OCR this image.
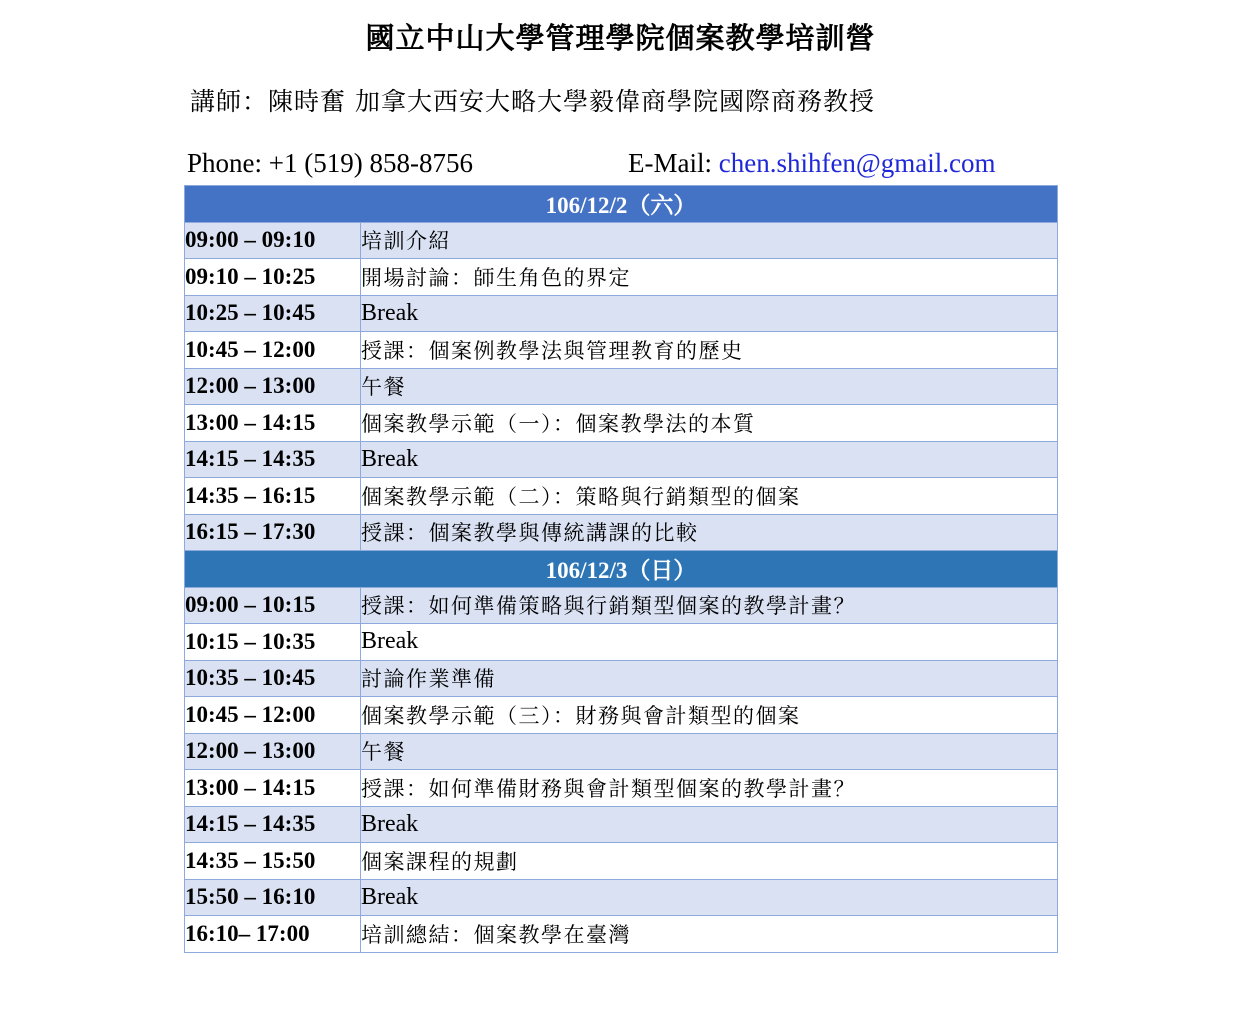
國立中山大學管理學院個案教學培訓營
講師：陳時奮 加拿大西安大略大學毅偉商學院國際商務教授
Phone: +1 (519) 858-8756	E-Mail: chen.shihfen@gmail.com
106/12/2（六）	
09:00 – 09:10	培訓介紹
09:10 – 10:25	開場討論：師生角色的界定
10:25 – 10:45	Break
10:45 – 12:00	授課：個案例教學法與管理教育的歷史
12:00 – 13:00	午餐
13:00 – 14:15	個案教學示範（一）：個案教學法的本質
14:15 – 14:35	Break
14:35 – 16:15	個案教學示範（二）：策略與行銷類型的個案
16:15 – 17:30	授課：個案教學與傳統講課的比較
106/12/3（日）	
09:00 – 10:15	授課：如何準備策略與行銷類型個案的教學計畫？
10:15 – 10:35	Break
10:35 – 10:45	討論作業準備
10:45 – 12:00	個案教學示範（三）：財務與會計類型的個案
12:00 – 13:00	午餐
13:00 – 14:15	授課：如何準備財務與會計類型個案的教學計畫？
14:15 – 14:35	Break
14:35 – 15:50	個案課程的規劃
15:50 – 16:10	Break
16:10– 17:00	培訓總結：個案教學在臺灣
